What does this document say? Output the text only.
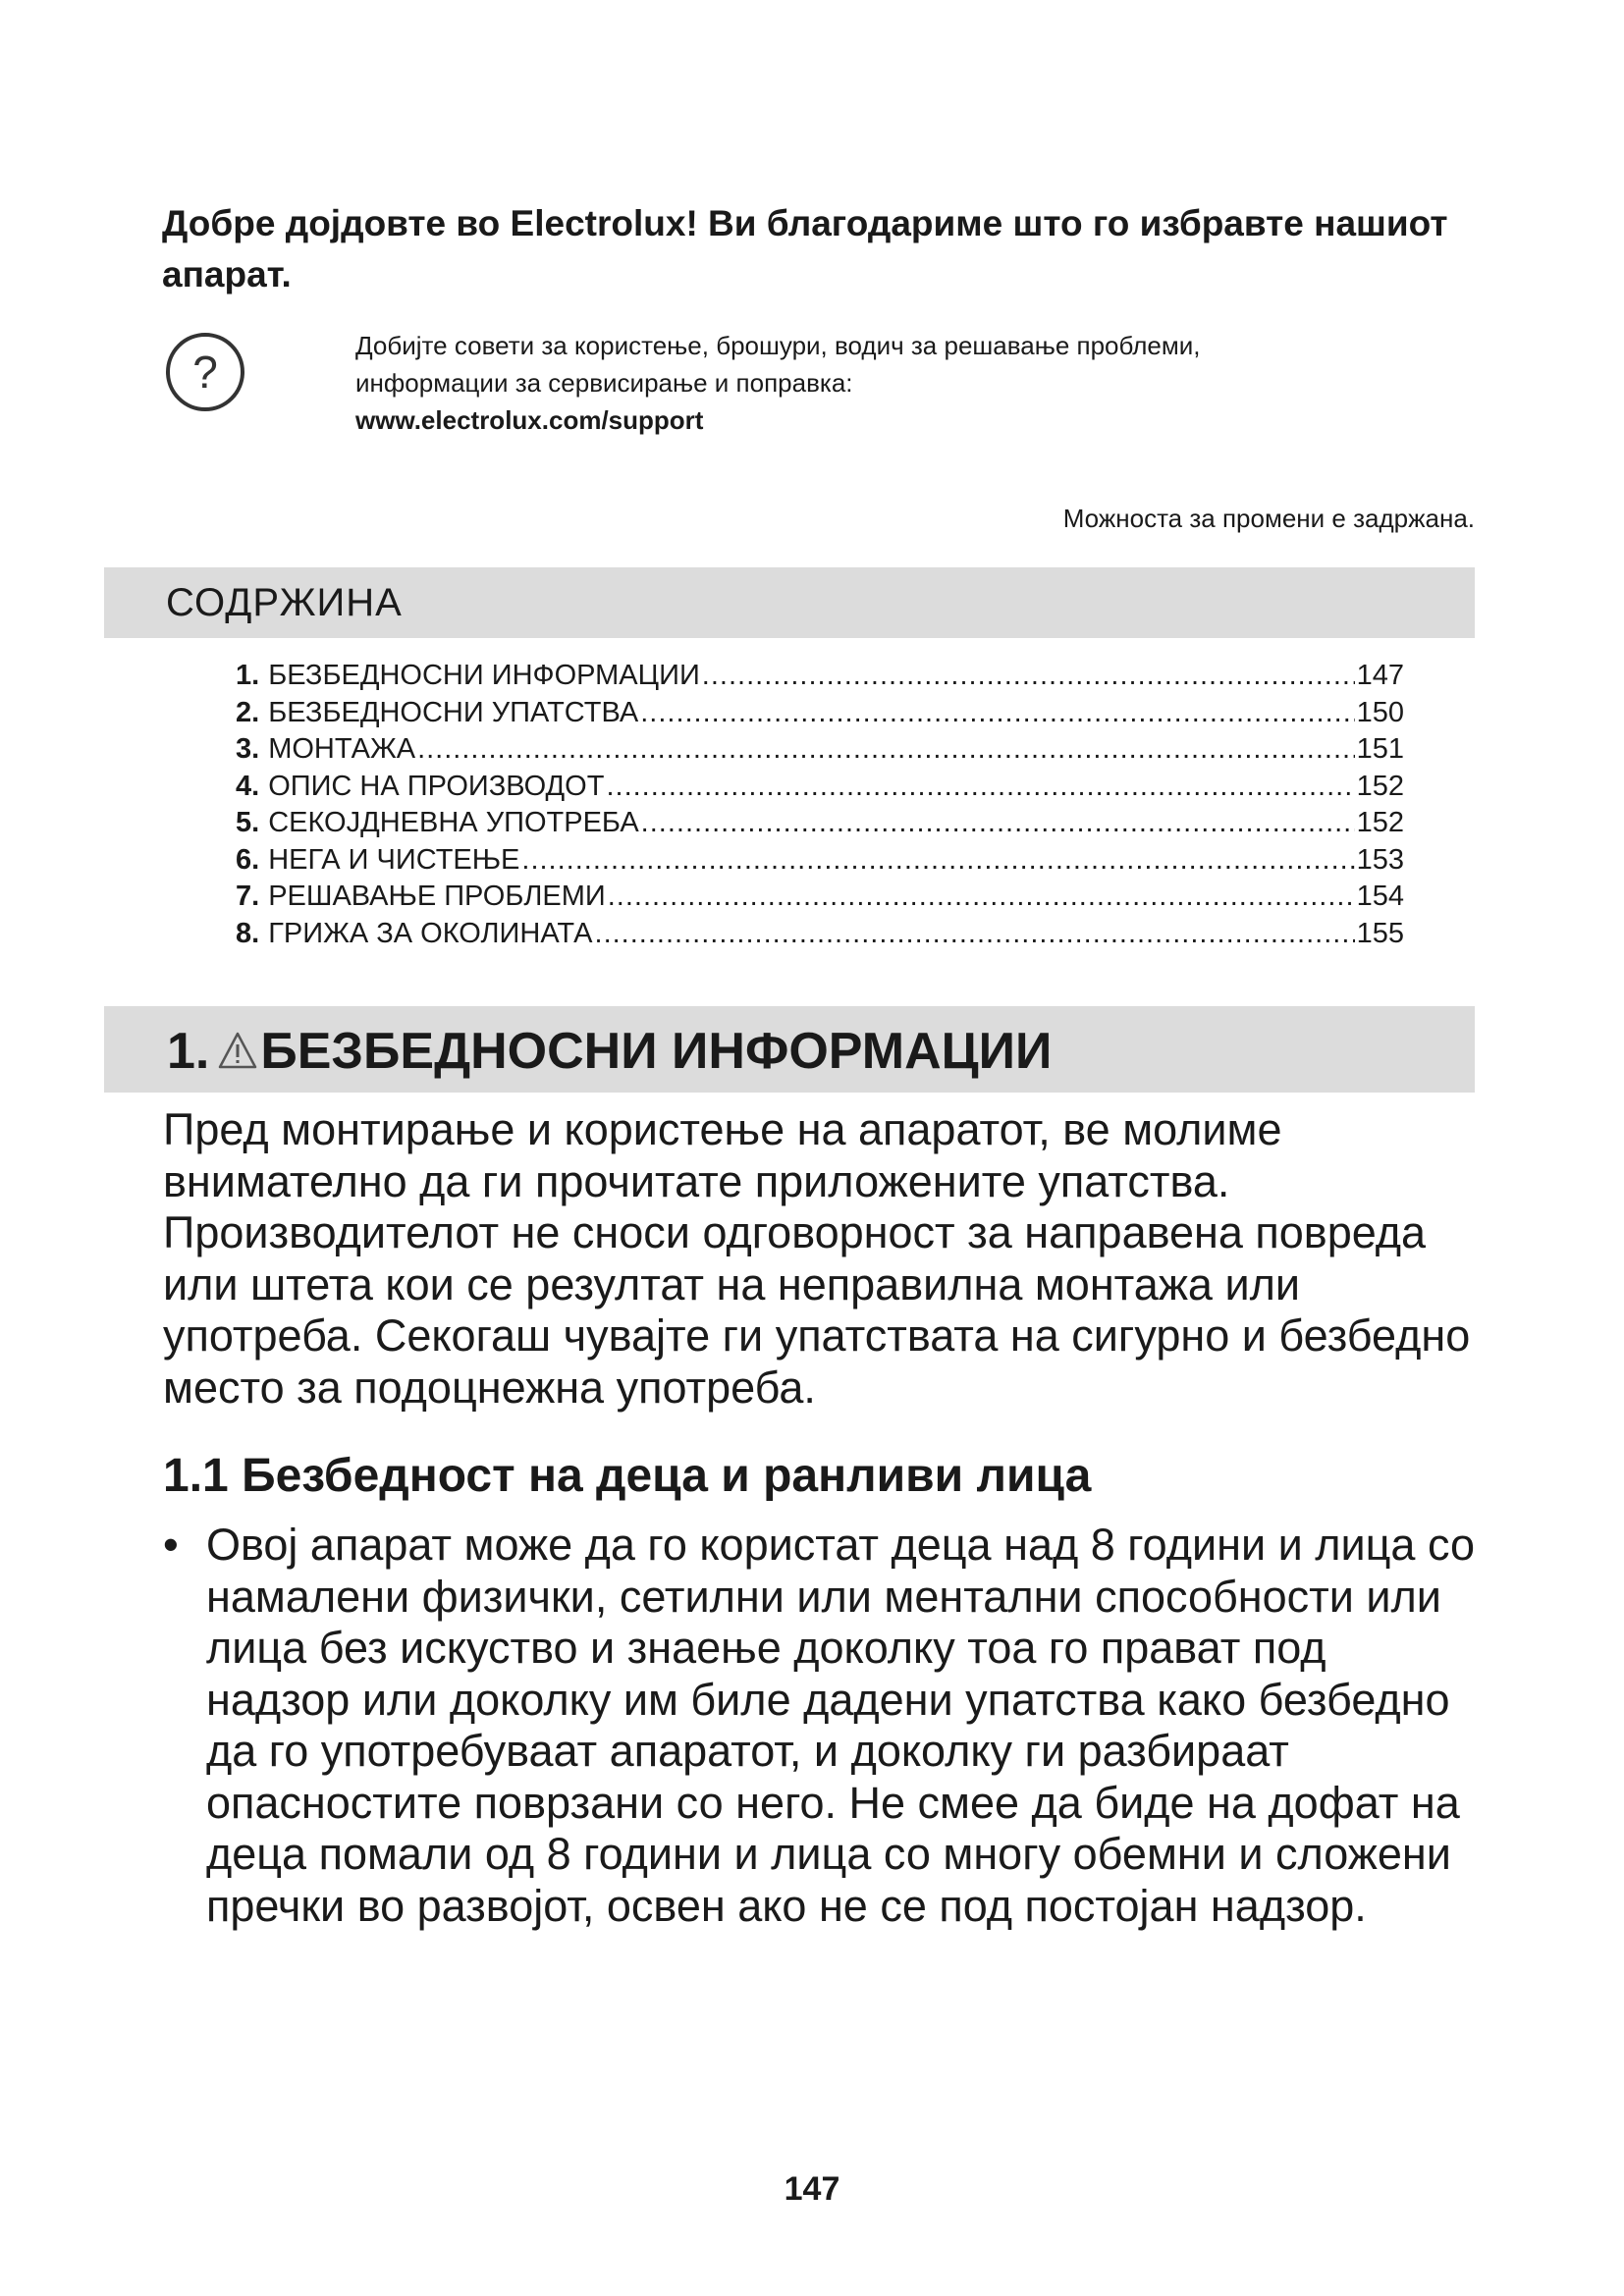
Добре дојдовте во Electrolux! Ви благодариме што го избравте нашиот апарат.
?
Добијте совети за користење, брошури, водич за решавање проблеми,
информации за сервисирање и поправка:
www.electrolux.com/support
Можноста за промени е задржана.
СОДРЖИНА
1. БЕЗБЕДНОСНИ ИНФОРМАЦИИ .....	147
2. БЕЗБЕДНОСНИ УПАТСТВА .....	150
3. МОНТАЖА .....	151
4. ОПИС НА ПРОИЗВОДОТ .....	152
5. СЕКОЈДНЕВНА УПОТРЕБА .....	152
6. НЕГА И ЧИСТЕЊЕ .....	153
7. РЕШАВАЊЕ ПРОБЛЕМИ .....	154
8. ГРИЖА ЗА ОКОЛИНАТА .....	155
1. БЕЗБЕДНОСНИ ИНФОРМАЦИИ

Пред монтирање и користење на апаратот, ве молиме внимателно да ги прочитате приложените упатства. Производителот не сноси одговорност за направена повреда или штета кои се резултат на неправилна монтажа или употреба. Секогаш чувајте ги упатствата на сигурно и безбедно место за подоцнежна употреба.

1.1 Безбедност на деца и ранливи лица
• Овој апарат може да го користат деца над 8 години и лица со намалени физички, сетилни или ментални способности или лица без искуство и знаење доколку тоа го прават под надзор или доколку им биле дадени упатства како безбедно да го употребуваат апаратот, и доколку ги разбираат опасностите поврзани со него. Не смее да биде на дофат на деца помали од 8 години и лица со многу обемни и сложени пречки во развојот, освен ако не се под постојан надзор.
147
